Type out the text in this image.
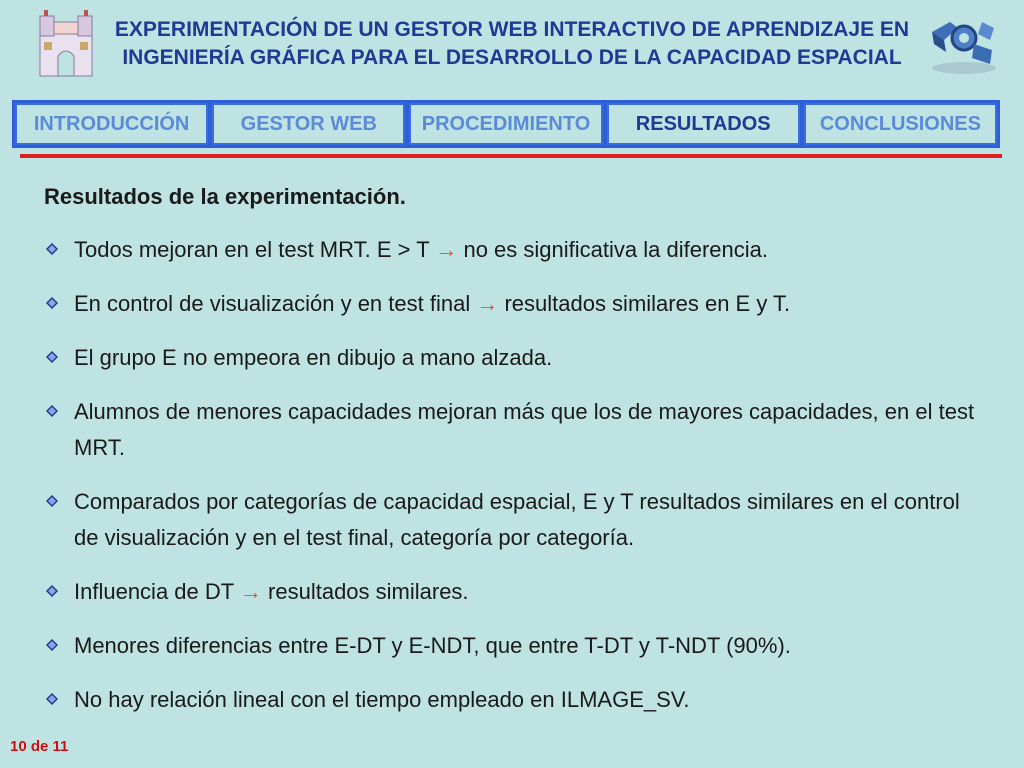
EXPERIMENTACIÓN DE UN GESTOR WEB INTERACTIVO DE APRENDIZAJE EN
INGENIERÍA GRÁFICA PARA EL DESARROLLO DE LA CAPACIDAD ESPACIAL
INTRODUCCIÓN	GESTOR WEB	PROCEDIMIENTO	RESULTADOS	CONCLUSIONES
Resultados de la experimentación.
Todos mejoran en el test MRT. E > T → no es significativa la diferencia.
En control de visualización y en test final → resultados similares en E y T.
El grupo E no empeora en dibujo a mano alzada.
Alumnos de menores capacidades mejoran más que los de mayores capacidades, en el test MRT.
Comparados por categorías de capacidad espacial, E y T resultados similares en el control de visualización y en el test final, categoría por categoría.
Influencia de DT → resultados similares.
Menores diferencias entre E-DT y E-NDT, que entre T-DT y T-NDT (90%).
No hay relación lineal con el tiempo empleado en ILMAGE_SV.
10 de 11
